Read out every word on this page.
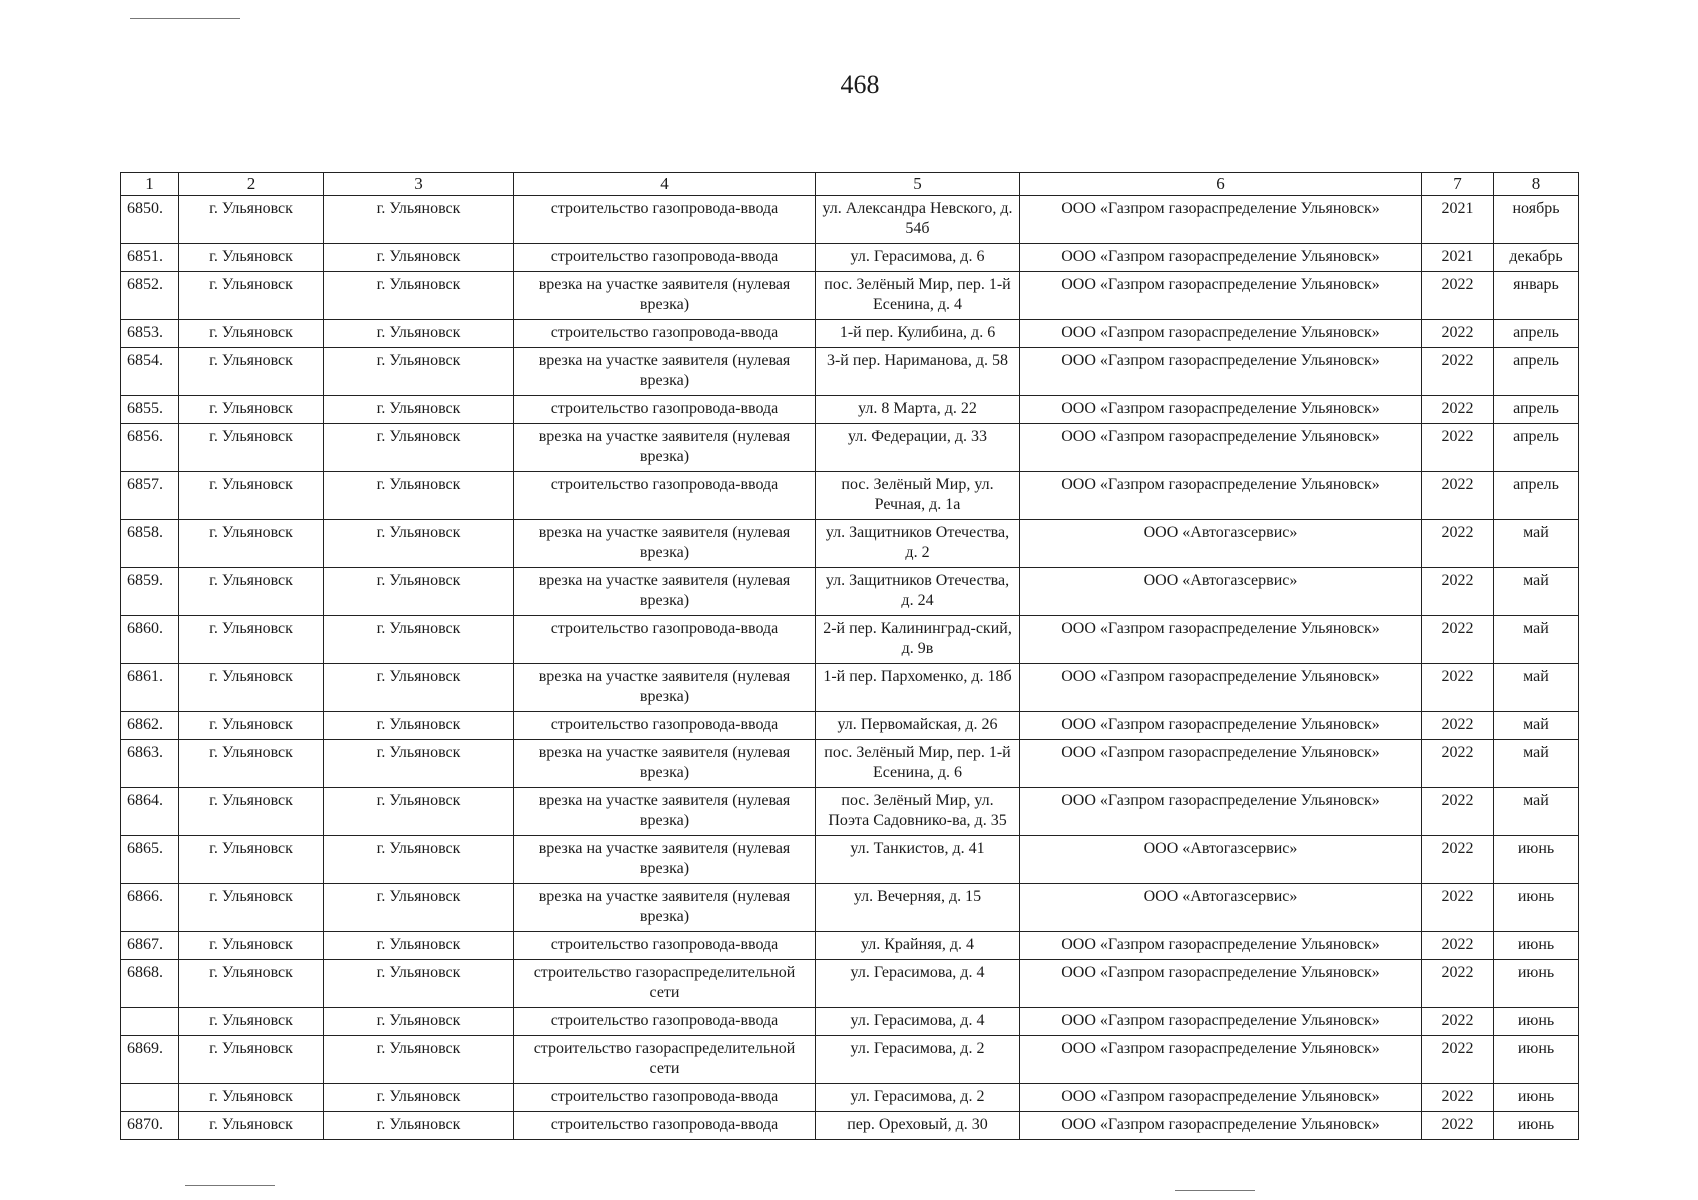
468
1	2	3	4	5	6	7	8
6850.	г. Ульяновск	г. Ульяновск	строительство газопровода-ввода	ул. Александра Невского, д. 54б	ООО «Газпром газораспределение Ульяновск»	2021	ноябрь
6851.	г. Ульяновск	г. Ульяновск	строительство газопровода-ввода	ул. Герасимова, д. 6	ООО «Газпром газораспределение Ульяновск»	2021	декабрь
6852.	г. Ульяновск	г. Ульяновск	врезка на участке заявителя (нулевая врезка)	пос. Зелёный Мир, пер. 1-й Есенина, д. 4	ООО «Газпром газораспределение Ульяновск»	2022	январь
6853.	г. Ульяновск	г. Ульяновск	строительство газопровода-ввода	1-й пер. Кулибина, д. 6	ООО «Газпром газораспределение Ульяновск»	2022	апрель
6854.	г. Ульяновск	г. Ульяновск	врезка на участке заявителя (нулевая врезка)	3-й пер. Нариманова, д. 58	ООО «Газпром газораспределение Ульяновск»	2022	апрель
6855.	г. Ульяновск	г. Ульяновск	строительство газопровода-ввода	ул. 8 Марта, д. 22	ООО «Газпром газораспределение Ульяновск»	2022	апрель
6856.	г. Ульяновск	г. Ульяновск	врезка на участке заявителя (нулевая врезка)	ул. Федерации, д. 33	ООО «Газпром газораспределение Ульяновск»	2022	апрель
6857.	г. Ульяновск	г. Ульяновск	строительство газопровода-ввода	пос. Зелёный Мир, ул. Речная, д. 1а	ООО «Газпром газораспределение Ульяновск»	2022	апрель
6858.	г. Ульяновск	г. Ульяновск	врезка на участке заявителя (нулевая врезка)	ул. Защитников Отечества, д. 2	ООО «Автогазсервис»	2022	май
6859.	г. Ульяновск	г. Ульяновск	врезка на участке заявителя (нулевая врезка)	ул. Защитников Отечества, д. 24	ООО «Автогазсервис»	2022	май
6860.	г. Ульяновск	г. Ульяновск	строительство газопровода-ввода	2-й пер. Калининград-ский, д. 9в	ООО «Газпром газораспределение Ульяновск»	2022	май
6861.	г. Ульяновск	г. Ульяновск	врезка на участке заявителя (нулевая врезка)	1-й пер. Пархоменко, д. 18б	ООО «Газпром газораспределение Ульяновск»	2022	май
6862.	г. Ульяновск	г. Ульяновск	строительство газопровода-ввода	ул. Первомайская, д. 26	ООО «Газпром газораспределение Ульяновск»	2022	май
6863.	г. Ульяновск	г. Ульяновск	врезка на участке заявителя (нулевая врезка)	пос. Зелёный Мир, пер. 1-й Есенина, д. 6	ООО «Газпром газораспределение Ульяновск»	2022	май
6864.	г. Ульяновск	г. Ульяновск	врезка на участке заявителя (нулевая врезка)	пос. Зелёный Мир, ул. Поэта Садовнико-ва, д. 35	ООО «Газпром газораспределение Ульяновск»	2022	май
6865.	г. Ульяновск	г. Ульяновск	врезка на участке заявителя (нулевая врезка)	ул. Танкистов, д. 41	ООО «Автогазсервис»	2022	июнь
6866.	г. Ульяновск	г. Ульяновск	врезка на участке заявителя (нулевая врезка)	ул. Вечерняя, д. 15	ООО «Автогазсервис»	2022	июнь
6867.	г. Ульяновск	г. Ульяновск	строительство газопровода-ввода	ул. Крайняя, д. 4	ООО «Газпром газораспределение Ульяновск»	2022	июнь
6868.	г. Ульяновск	г. Ульяновск	строительство газораспределительной сети	ул. Герасимова, д. 4	ООО «Газпром газораспределение Ульяновск»	2022	июнь
	г. Ульяновск	г. Ульяновск	строительство газопровода-ввода	ул. Герасимова, д. 4	ООО «Газпром газораспределение Ульяновск»	2022	июнь
6869.	г. Ульяновск	г. Ульяновск	строительство газораспределительной сети	ул. Герасимова, д. 2	ООО «Газпром газораспределение Ульяновск»	2022	июнь
	г. Ульяновск	г. Ульяновск	строительство газопровода-ввода	ул. Герасимова, д. 2	ООО «Газпром газораспределение Ульяновск»	2022	июнь
6870.	г. Ульяновск	г. Ульяновск	строительство газопровода-ввода	пер. Ореховый, д. 30	ООО «Газпром газораспределение Ульяновск»	2022	июнь
